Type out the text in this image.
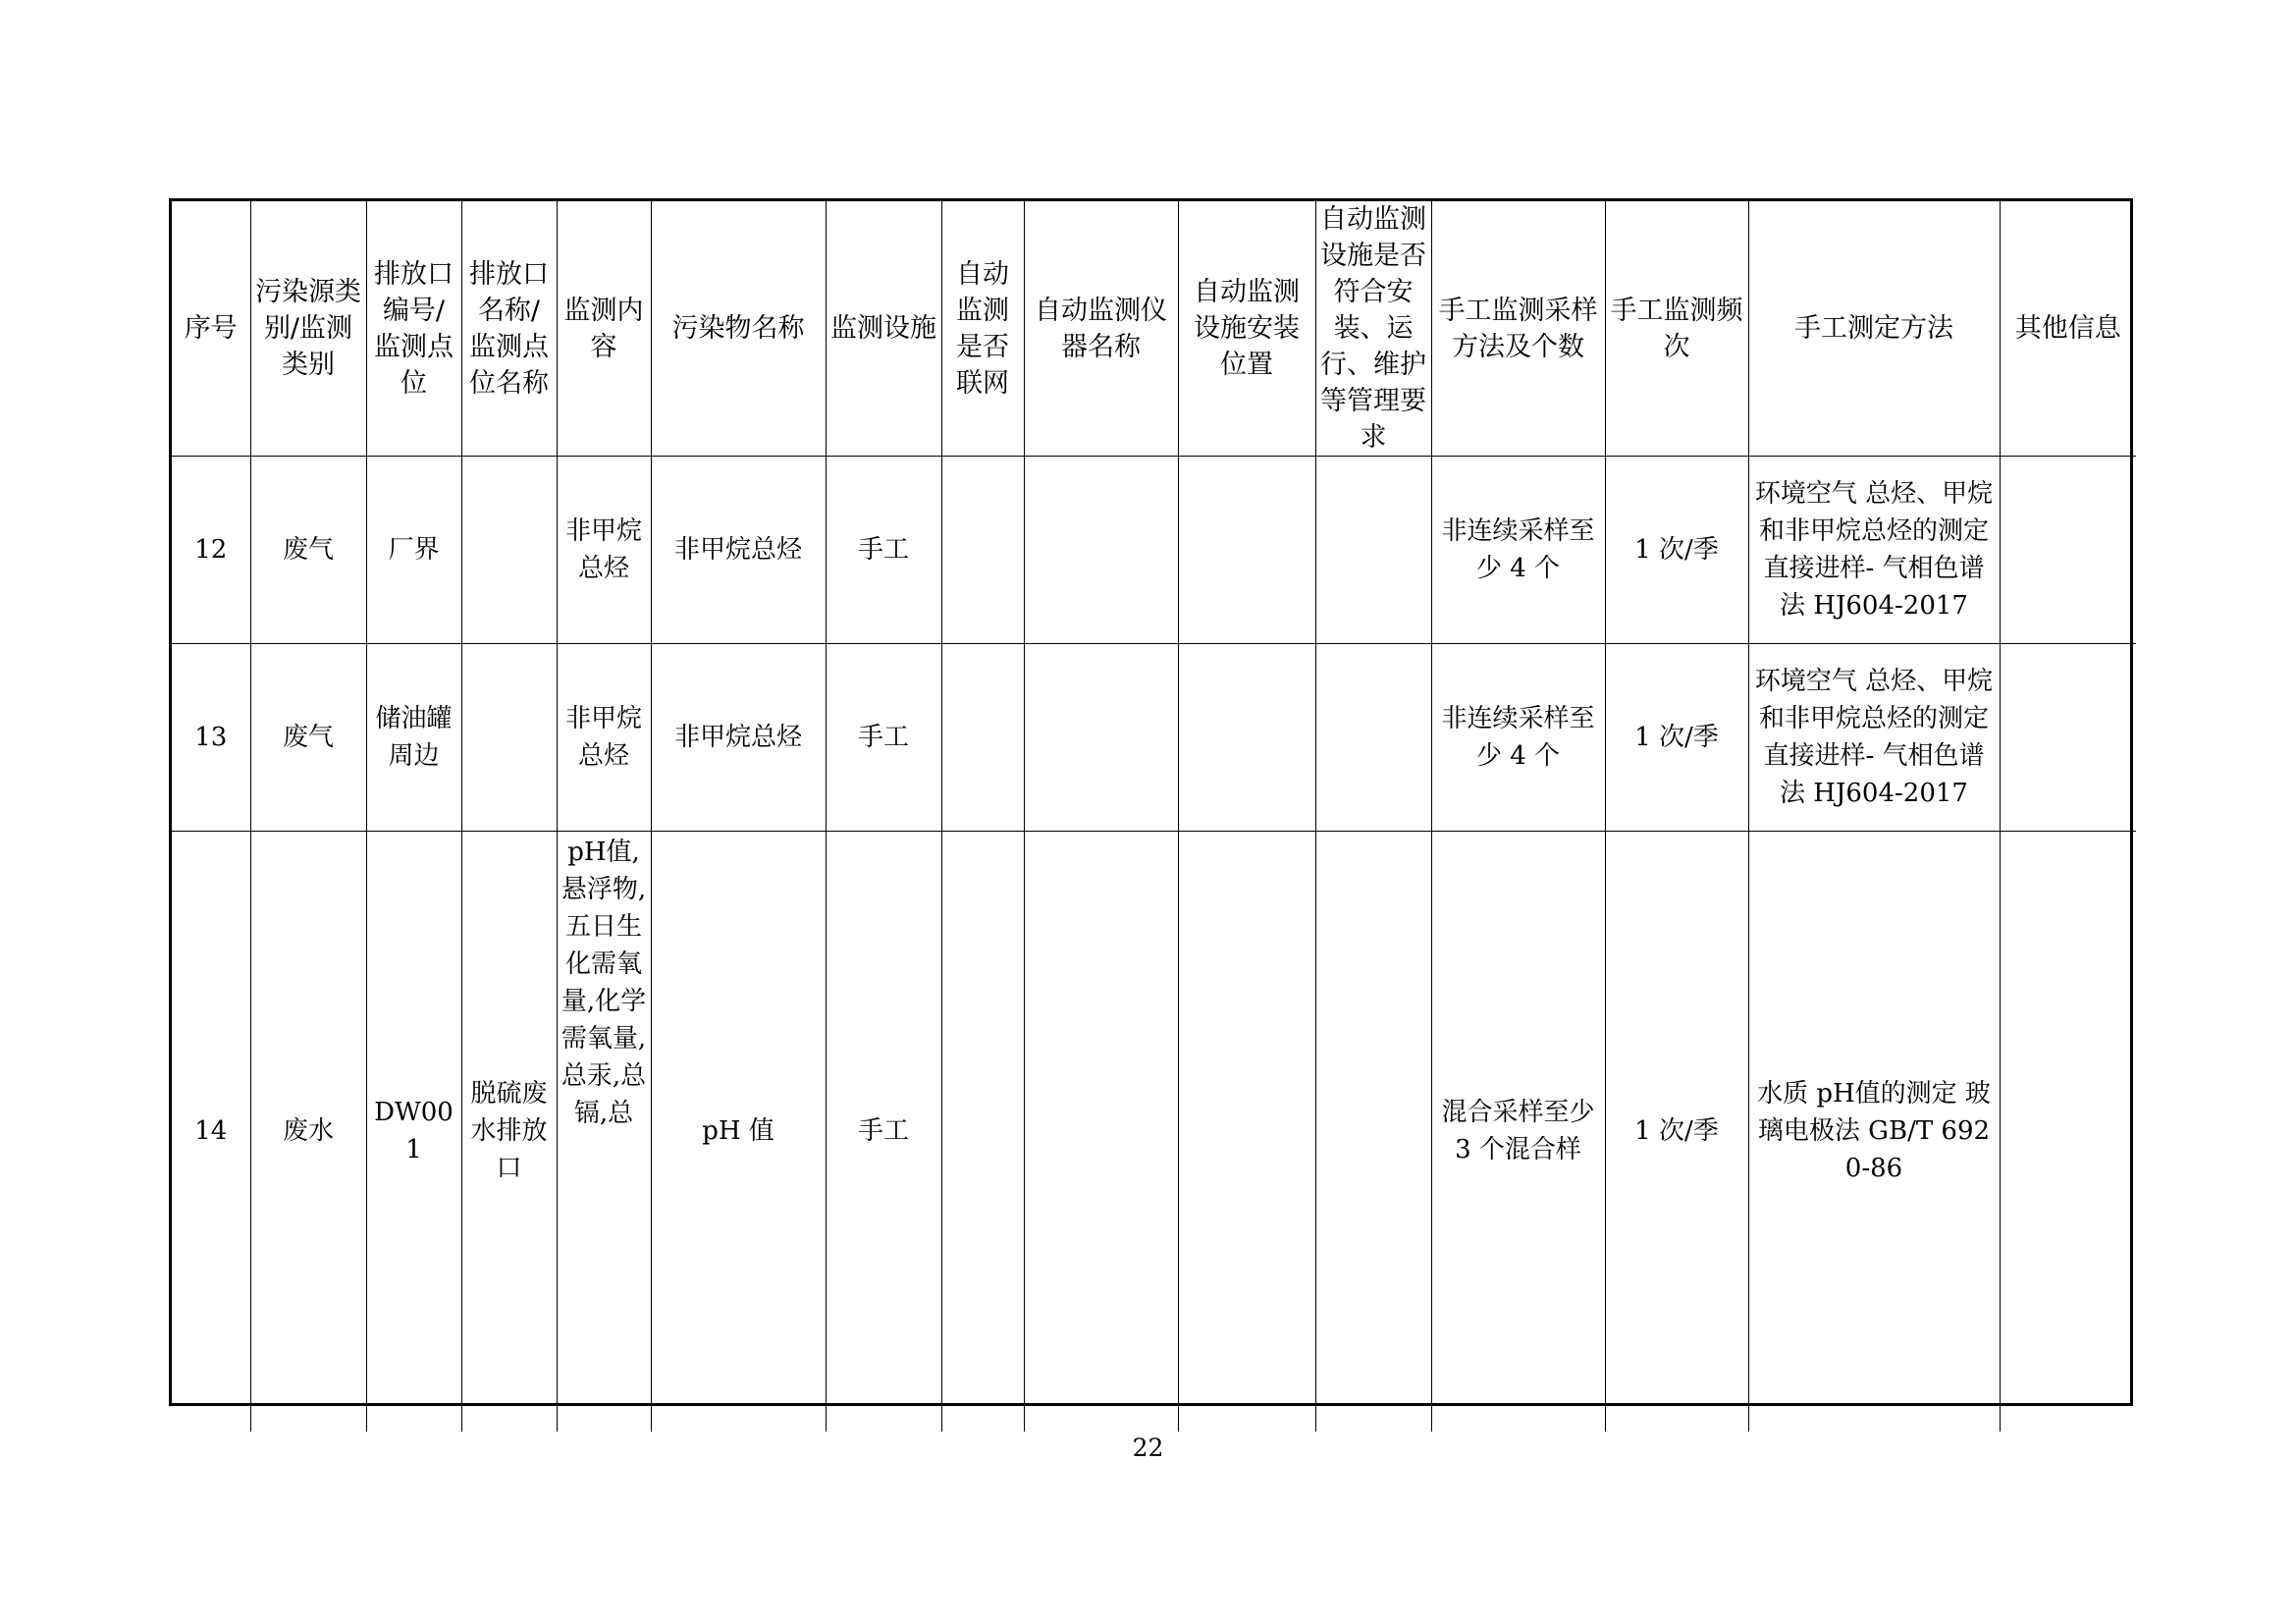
序号	污染源类别/监测类别	排放口编号/监测点位	排放口名称/监测点位名称	监测内容	污染物名称	监测设施	自动监测是否联网	自动监测仪器名称	自动监测设施安装位置	自动监测设施是否符合安装、运行、维护等管理要求	手工监测采样方法及个数	手工监测频次	手工测定方法	其他信息
12	废气	厂界		非甲烷总烃	非甲烷总烃	手工					非连续采样至少 4 个	1 次/季	环境空气 总烃、甲烷和非甲烷总烃的测定 直接进样- 气相色谱法 HJ604-2017	
13	废气	储油罐周边		非甲烷总烃	非甲烷总烃	手工					非连续采样至少 4 个	1 次/季	环境空气 总烃、甲烷和非甲烷总烃的测定 直接进样- 气相色谱法 HJ604-2017	
14	废水	DW001	脱硫废水排放口	pH值,悬浮物,五日生化需氧量,化学需氧量,总汞,总镉,总	pH 值	手工					混合采样至少 3 个混合样	1 次/季	水质 pH值的测定 玻璃电极法 GB/T 6920-86	
22
